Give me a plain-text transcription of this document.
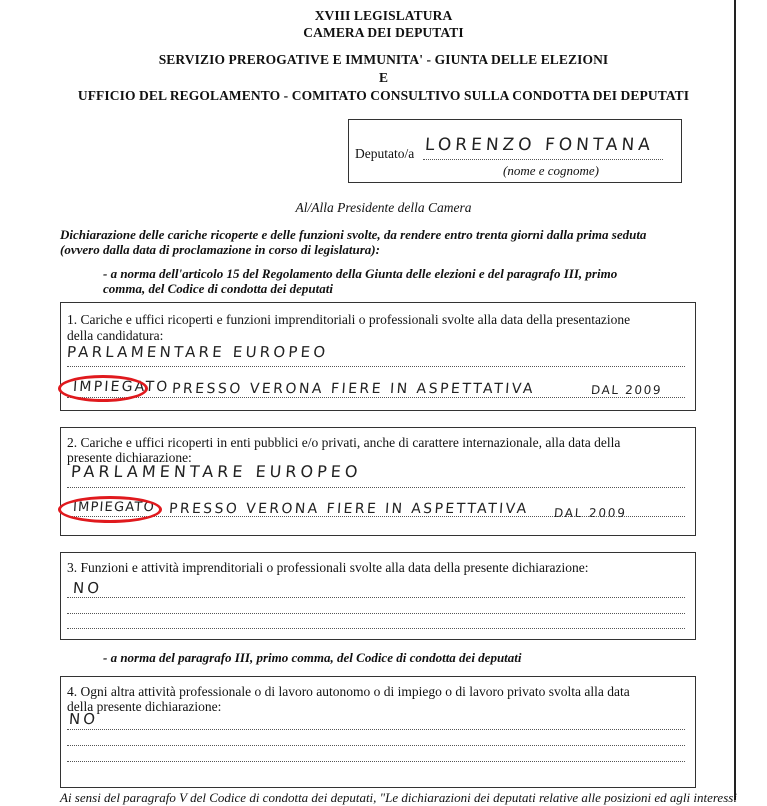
XVIII LEGISLATURA
CAMERA DEI DEPUTATI
SERVIZIO PREROGATIVE E IMMUNITA' - GIUNTA DELLE ELEZIONI
E
UFFICIO DEL REGOLAMENTO - COMITATO CONSULTIVO SULLA CONDOTTA DEI DEPUTATI
Deputato/a LORENZO FONTANA
(nome e cognome)
Al/Alla Presidente della Camera
Dichiarazione delle cariche ricoperte e delle funzioni svolte, da rendere entro trenta giorni dalla prima seduta
(ovvero dalla data di proclamazione in corso di legislatura):
- a norma dell'articolo 15 del Regolamento della Giunta delle elezioni e del paragrafo III, primo
comma, del Codice di condotta dei deputati
1. Cariche e uffici ricoperti e funzioni imprenditoriali o professionali svolte alla data della presentazione
della candidatura:
PARLAMENTARE EUROPEO
IMPIEGATO PRESSO VERONA FIERE IN ASPETTATIVA	DAL 2009
2. Cariche e uffici ricoperti in enti pubblici e/o privati, anche di carattere internazionale, alla data della
presente dichiarazione:
PARLAMENTARE EUROPEO
IMPIEGATO PRESSO VERONA FIERE IN ASPETTATIVA DAL 2009
3. Funzioni e attività imprenditoriali o professionali svolte alla data della presente dichiarazione:
NO
- a norma del paragrafo III, primo comma, del Codice di condotta dei deputati
4. Ogni altra attività professionale o di lavoro autonomo o di impiego o di lavoro privato svolta alla data
della presente dichiarazione:
NO
Ai sensi del paragrafo V del Codice di condotta dei deputati, "Le dichiarazioni dei deputati relative alle posizioni ed agli interessi
